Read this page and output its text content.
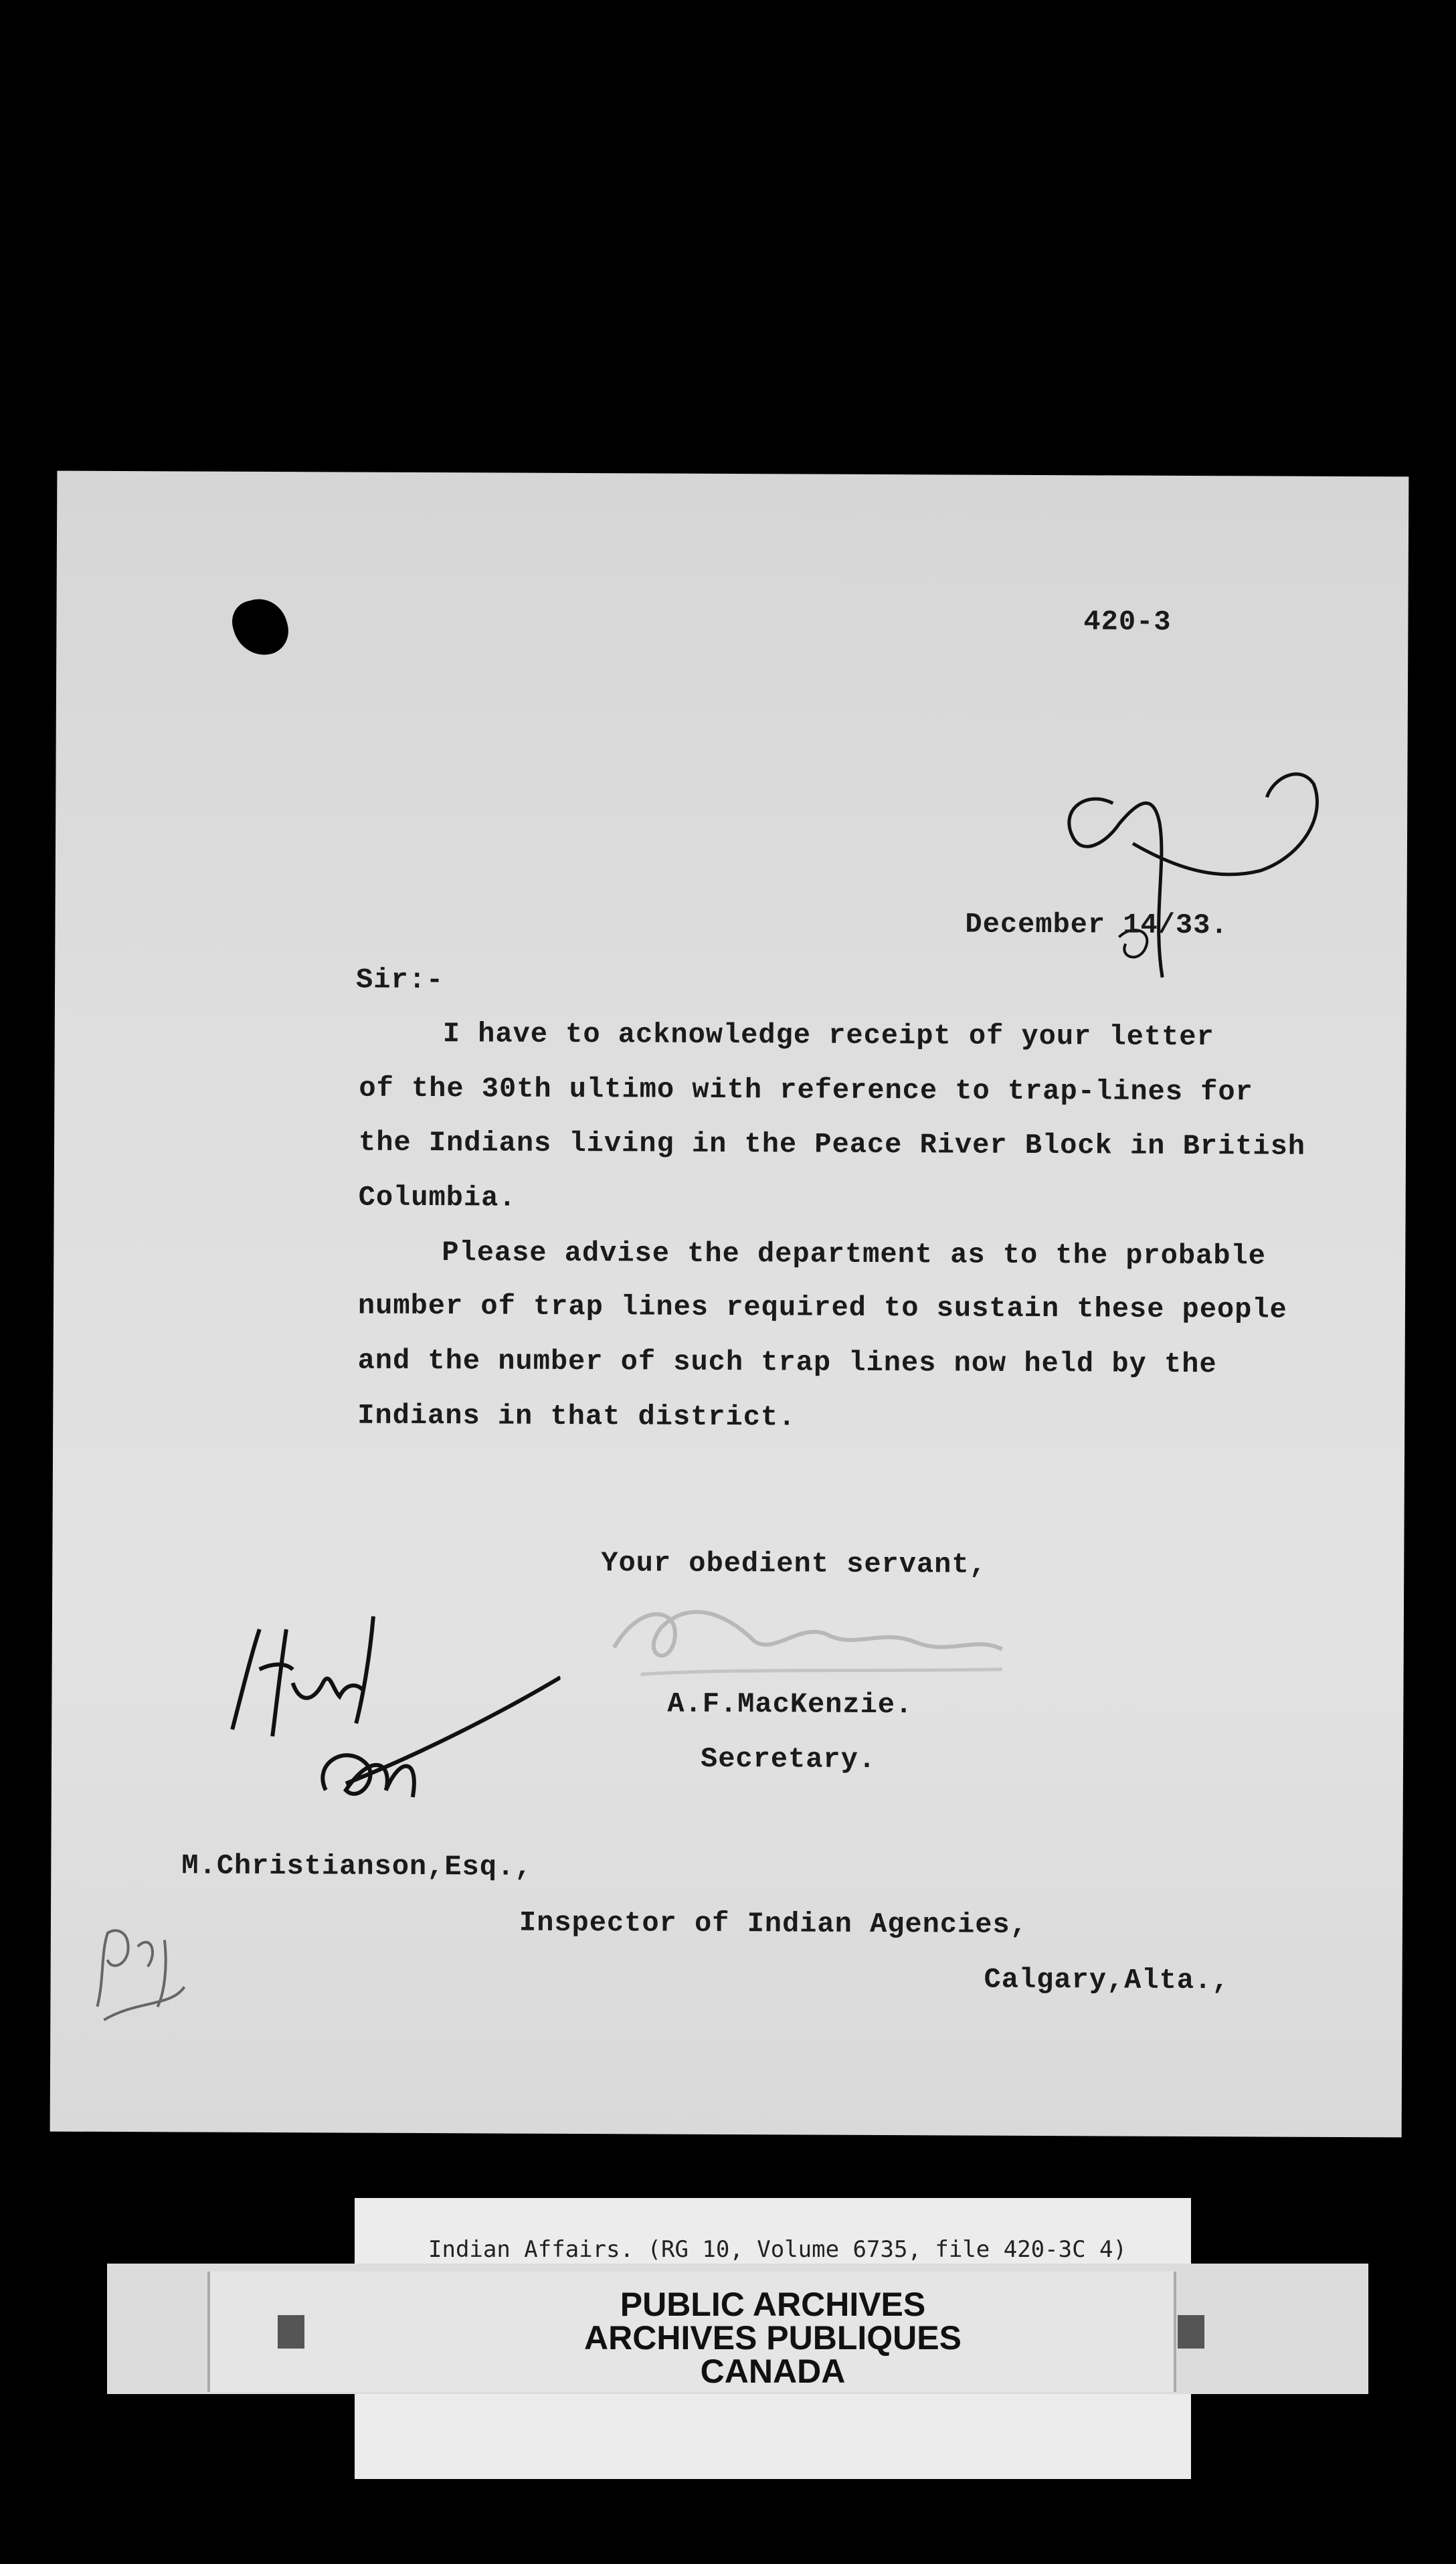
420-3
December 14/33.
Sir:-
I have to acknowledge receipt of your letter
of the 30th ultimo with reference to trap-lines for
the Indians living in the Peace River Block in British
Columbia.
Please advise the department as to the probable
number of trap lines required to sustain these people
and the number of such trap lines now held by the
Indians in that district.
Your obedient servant,
A.F.MacKenzie.
Secretary.
M.Christianson,Esq.,
Inspector of Indian Agencies,
Calgary,Alta.,
Indian Affairs. (RG 10, Volume 6735, file 420-3C 4)
PUBLIC ARCHIVES
ARCHIVES PUBLIQUES
CANADA
